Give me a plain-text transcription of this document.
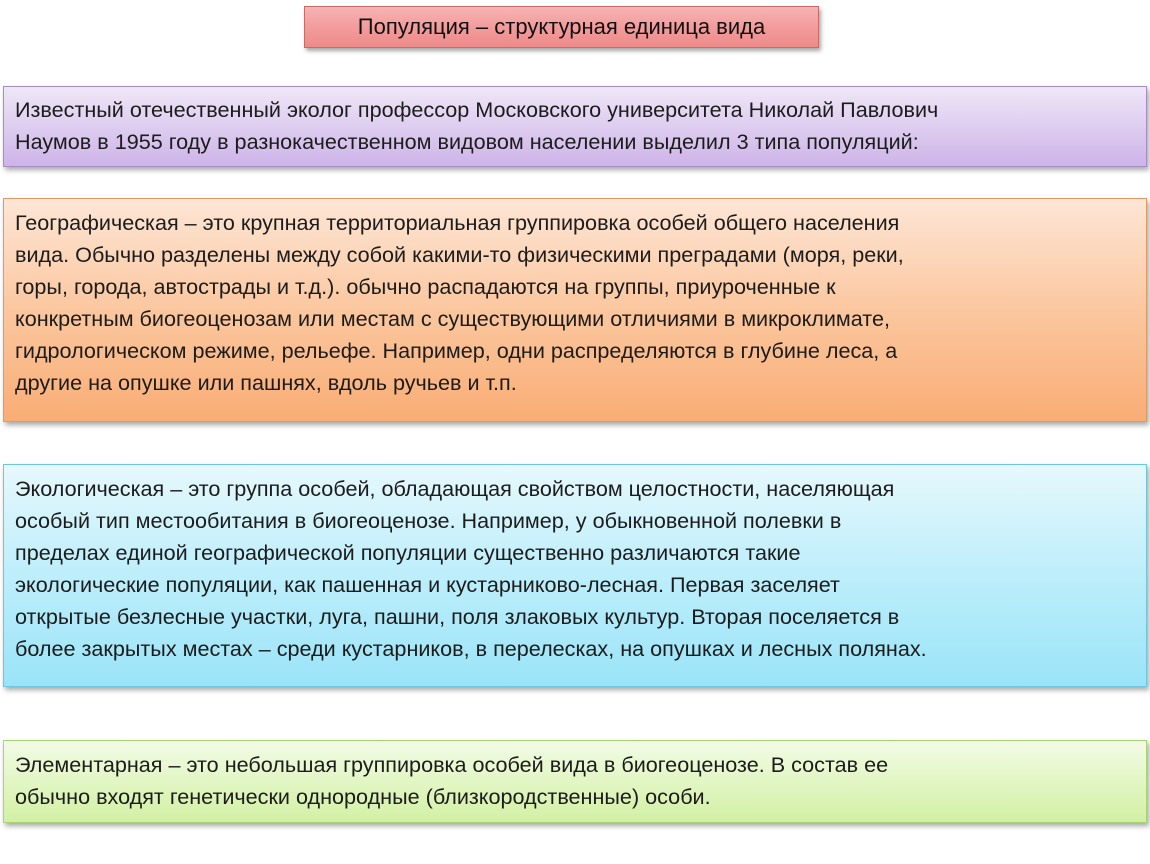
Популяция – структурная единица вида

Известный отечественный эколог профессор Московского университета Николай Павлович

Наумов в 1955 году в разнокачественном видовом населении выделил 3 типа популяций:

Географическая – это крупная территориальная группировка особей общего населения

вида. Обычно разделены между собой какими-то физическими преградами (моря, реки,

горы, города, автострады и т.д.). обычно распадаются на группы, приуроченные к

конкретным биогеоценозам или местам с существующими отличиями в микроклимате,

гидрологическом режиме, рельефе. Например, одни распределяются в глубине леса, а

другие на опушке или пашнях, вдоль ручьев и т.п.

Экологическая – это группа особей, обладающая свойством целостности, населяющая

особый тип местообитания в биогеоценозе. Например, у обыкновенной полевки в

пределах единой географической популяции существенно различаются такие

экологические популяции, как пашенная и кустарниково-лесная. Первая заселяет

открытые безлесные участки, луга, пашни, поля злаковых культур. Вторая поселяется в

более закрытых местах – среди кустарников, в перелесках, на опушках и лесных полянах.

Элементарная – это небольшая группировка особей вида в биогеоценозе. В состав ее

обычно входят генетически однородные (близкородственные) особи.
